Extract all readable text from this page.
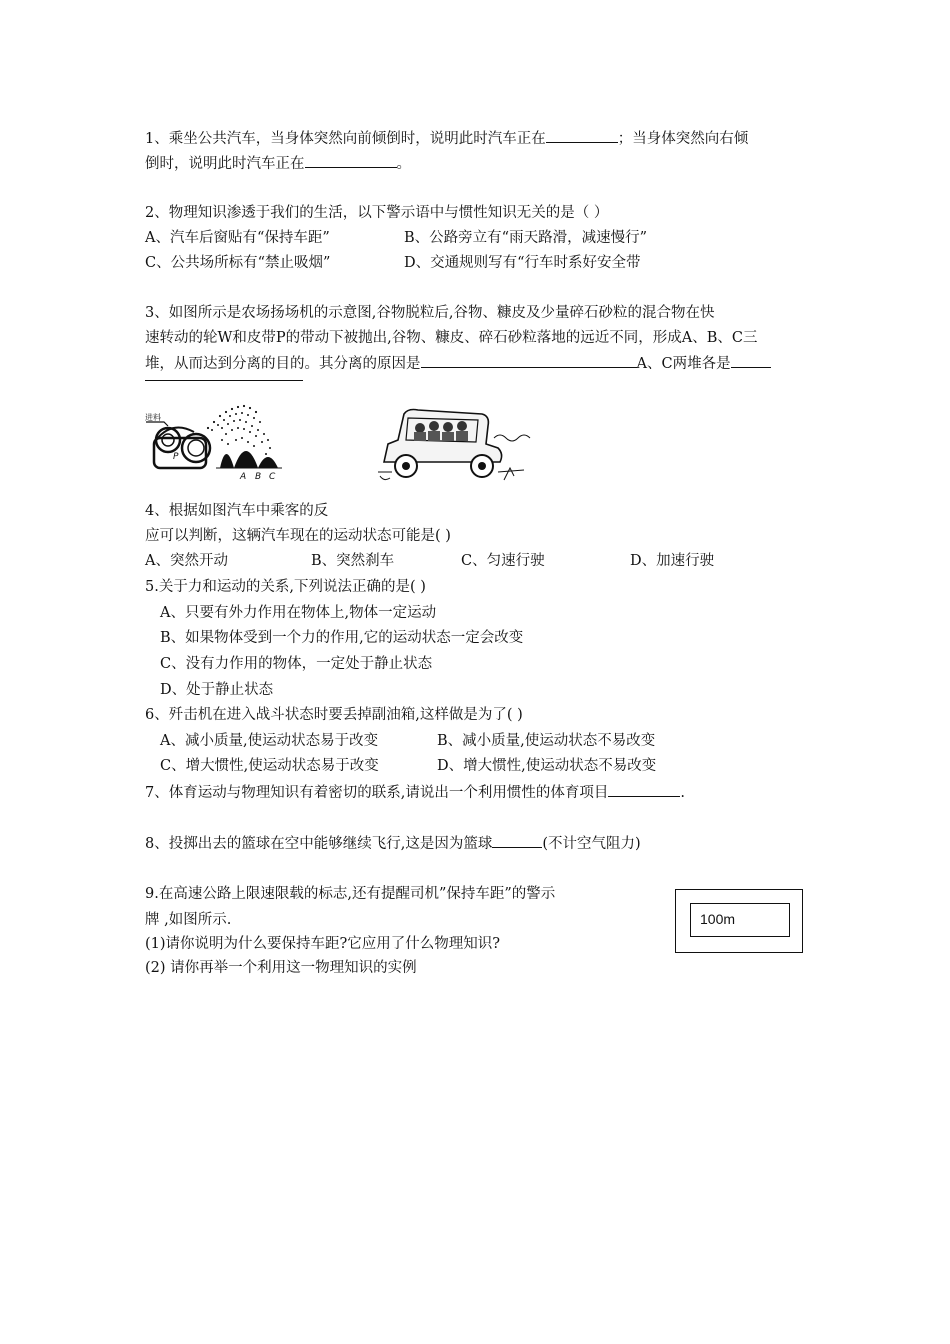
1、乘坐公共汽车，当身体突然向前倾倒时，说明此时汽车正在	；当身体突然向右倾
倒时，说明此时汽车正在	。
2、物理知识渗透于我们的生活，以下警示语中与惯性知识无关的是（ ）
A、汽车后窗贴有“保持车距”	B、公路旁立有“雨天路滑，减速慢行”
C、公共场所标有“禁止吸烟”	D、交通规则写有“行车时系好安全带
3、如图所示是农场扬场机的示意图,谷物脱粒后,谷物、糠皮及少量碎石砂粒的混合物在快
速转动的轮W和皮带P的带动下被抛出,谷物、糠皮、碎石砂粒落地的远近不同，形成A、B、C三
堆，从而达到分离的目的。其分离的原因是	A、C两堆各是
进料
P
A B C
4、根据如图汽车中乘客的反
应可以判断，这辆汽车现在的运动状态可能是( )
A、突然开动	B、突然刹车	C、匀速行驶	D、加速行驶
5.关于力和运动的关系,下列说法正确的是( )
A、只要有外力作用在物体上,物体一定运动
B、如果物体受到一个力的作用,它的运动状态一定会改变
C、没有力作用的物体，一定处于静止状态
D、处于静止状态
6、歼击机在进入战斗状态时要丢掉副油箱,这样做是为了( )
A、减小质量,使运动状态易于改变	B、减小质量,使运动状态不易改变
C、增大惯性,使运动状态易于改变	D、增大惯性,使运动状态不易改变
7、体育运动与物理知识有着密切的联系,请说出一个利用惯性的体育项目	.
8、投掷出去的篮球在空中能够继续飞行,这是因为篮球	(不计空气阻力)
9.在高速公路上限速限载的标志,还有提醒司机”保持车距”的警示
牌 ,如图所示.
(1)请你说明为什么要保持车距?它应用了什么物理知识?
(2) 请你再举一个利用这一物理知识的实例
100m
